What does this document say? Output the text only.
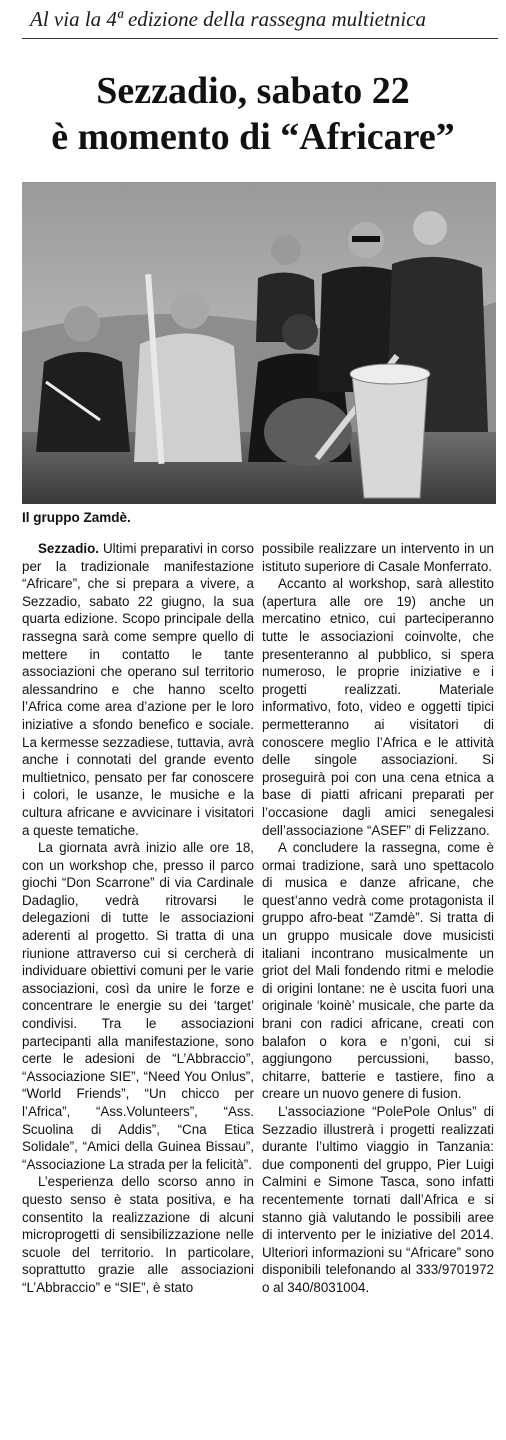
Al via la 4ª edizione della rassegna multietnica
Sezzadio, sabato 22
è momento di “Africare”
Il gruppo Zamdè.

Sezzadio. Ultimi preparativi in corso per la tradizionale manifestazione “Africare”, che si prepara a vivere, a Sezzadio, sabato 22 giugno, la sua quarta edizione. Scopo principale della rassegna sarà come sempre quello di mettere in contatto le tante associazioni che operano sul territorio alessandrino e che hanno scelto l’Africa come area d’azione per le loro iniziative a sfondo benefico e sociale. La kermesse sezzadiese, tuttavia, avrà anche i connotati del grande evento multietnico, pensato per far conoscere i colori, le usanze, le musiche e la cultura africane e avvicinare i visitatori a queste tematiche.

La giornata avrà inizio alle ore 18, con un workshop che, presso il parco giochi “Don Scarrone” di via Cardinale Dadaglio, vedrà ritrovarsi le delegazioni di tutte le associazioni aderenti al progetto. Si tratta di una riunione attraverso cui si cercherà di individuare obiettivi comuni per le varie associazioni, così da unire le forze e concentrare le energie su dei ‘target’ condivisi. Tra le associazioni partecipanti alla manifestazione, sono certe le adesioni de “L’Abbraccio”, “Associazione SIE”, “Need You Onlus”, “World Friends”, “Un chicco per l’Africa”, “Ass.Volunteers”, “Ass. Scuolina di Addis”, “Cna Etica Solidale”, “Amici della Guinea Bissau”, “Associazione La strada per la felicità”.

L’esperienza dello scorso anno in questo senso è stata positiva, e ha consentito la realizzazione di alcuni microprogetti di sensibilizzazione nelle scuole del territorio. In particolare, soprattutto grazie alle associazioni “L’Abbraccio” e “SIE”, è stato

possibile realizzare un intervento in un istituto superiore di Casale Monferrato.

Accanto al workshop, sarà allestito (apertura alle ore 19) anche un mercatino etnico, cui parteciperanno tutte le associazioni coinvolte, che presenteranno al pubblico, si spera numeroso, le proprie iniziative e i progetti realizzati. Materiale informativo, foto, video e oggetti tipici permetteranno ai visitatori di conoscere meglio l’Africa e le attività delle singole associazioni. Si proseguirà poi con una cena etnica a base di piatti africani preparati per l’occasione dagli amici senegalesi dell’associazione “ASEF” di Felizzano.

A concludere la rassegna, come è ormai tradizione, sarà uno spettacolo di musica e danze africane, che quest’anno vedrà come protagonista il gruppo afro-beat “Zamdè”. Si tratta di un gruppo musicale dove musicisti italiani incontrano musicalmente un griot del Mali fondendo ritmi e melodie di origini lontane: ne è uscita fuori una originale ‘koinè’ musicale, che parte da brani con radici africane, creati con balafon o kora e n’goni, cui si aggiungono percussioni, basso, chitarre, batterie e tastiere, fino a creare un nuovo genere di fusion.

L’associazione “PolePole Onlus” di Sezzadio illustrerà i progetti realizzati durante l’ultimo viaggio in Tanzania: due componenti del gruppo, Pier Luigi Calmini e Simone Tasca, sono infatti recentemente tornati dall’Africa e si stanno già valutando le possibili aree di intervento per le iniziative del 2014. Ulteriori informazioni su “Africare” sono disponibili telefonando al 333/9701972 o al 340/8031004.
